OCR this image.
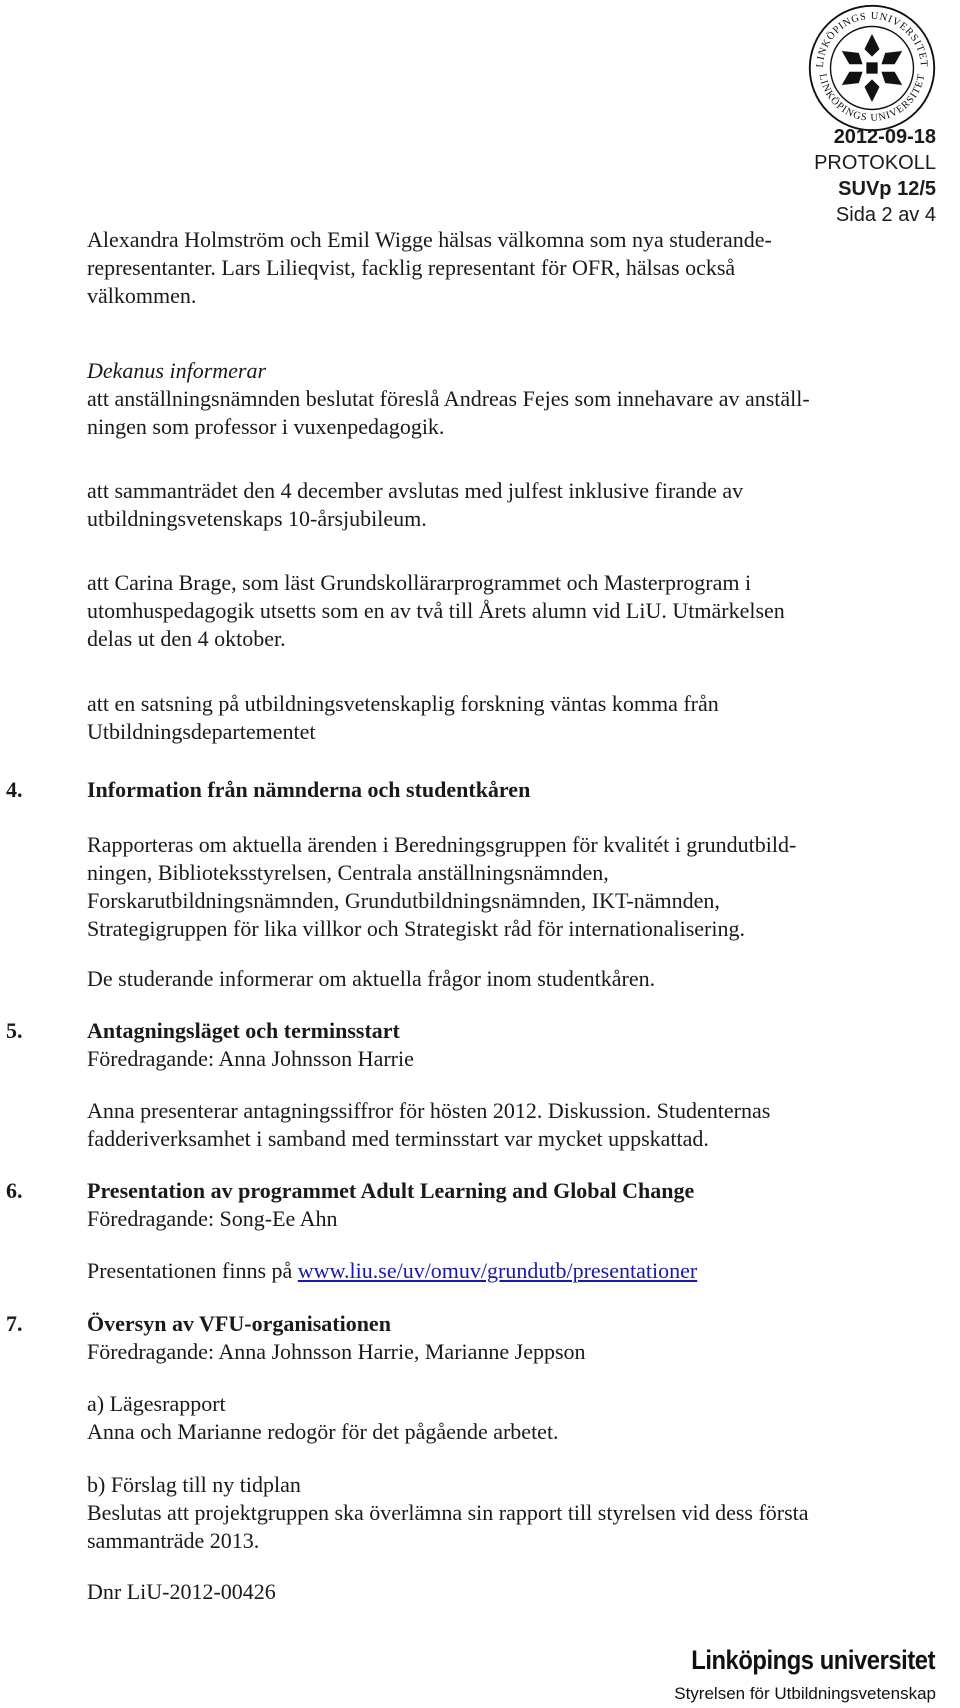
LINKÖPINGS UNIVERSITET
LINKÖPINGS UNIVERSITET
2012-09-18
PROTOKOLL
SUVp 12/5
Sida 2 av 4
Alexandra Holmström och Emil Wigge hälsas välkomna som nya studerande-
representanter. Lars Lilieqvist, facklig representant för OFR, hälsas också
välkommen.
Dekanus informerar
att anställningsnämnden beslutat föreslå Andreas Fejes som innehavare av anställ-
ningen som professor i vuxenpedagogik.
att sammanträdet den 4 december avslutas med julfest inklusive firande av
utbildningsvetenskaps 10-årsjubileum.
att Carina Brage, som läst Grundskollärarprogrammet och Masterprogram i
utomhuspedagogik utsetts som en av två till Årets alumn vid LiU. Utmärkelsen
delas ut den 4 oktober.
att en satsning på utbildningsvetenskaplig forskning väntas komma från
Utbildningsdepartementet
4.	Information från nämnderna och studentkåren
Rapporteras om aktuella ärenden i Beredningsgruppen för kvalitét i grundutbild-
ningen, Biblioteksstyrelsen, Centrala anställningsnämnden,
Forskarutbildningsnämnden, Grundutbildningsnämnden, IKT-nämnden,
Strategigruppen för lika villkor och Strategiskt råd för internationalisering.
De studerande informerar om aktuella frågor inom studentkåren.
5.	Antagningsläget och terminsstart
Föredragande: Anna Johnsson Harrie
Anna presenterar antagningssiffror för hösten 2012. Diskussion. Studenternas
fadderiverksamhet i samband med terminsstart var mycket uppskattad.
6.	Presentation av programmet Adult Learning and Global Change
Föredragande: Song-Ee Ahn
Presentationen finns på www.liu.se/uv/omuv/grundutb/presentationer
7.	Översyn av VFU-organisationen
Föredragande: Anna Johnsson Harrie, Marianne Jeppson
a) Lägesrapport
Anna och Marianne redogör för det pågående arbetet.
b) Förslag till ny tidplan
Beslutas att projektgruppen ska överlämna sin rapport till styrelsen vid dess första
sammanträde 2013.
Dnr LiU-2012-00426
Linköpings universitet
Styrelsen för Utbildningsvetenskap
